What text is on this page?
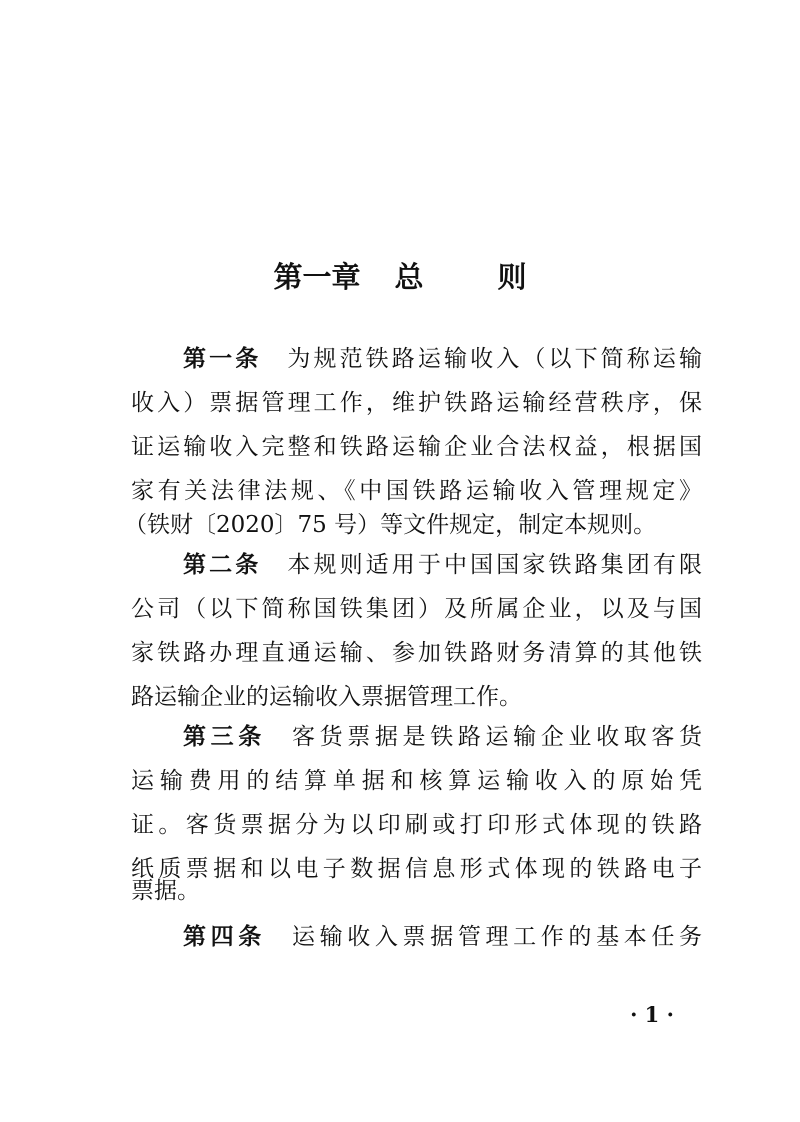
第一章 总	则
第一条 为规范铁路运输收入（以下简称运输
收入）票据管理工作，维护铁路运输经营秩序，保
证运输收入完整和铁路运输企业合法权益，根据国
家有关法律法规、《中国铁路运输收入管理规定》
（铁财〔2020〕75 号）等文件规定，制定本规则。
第二条 本规则适用于中国国家铁路集团有限
公司（以下简称国铁集团）及所属企业，以及与国
家铁路办理直通运输、参加铁路财务清算的其他铁
路运输企业的运输收入票据管理工作。
第三条 客货票据是铁路运输企业收取客货
运输费用的结算单据和核算运输收入的原始凭
证。客货票据分为以印刷或打印形式体现的铁路
纸质票据和以电子数据信息形式体现的铁路电子
票据。
第四条 运输收入票据管理工作的基本任务
· 1 ·
